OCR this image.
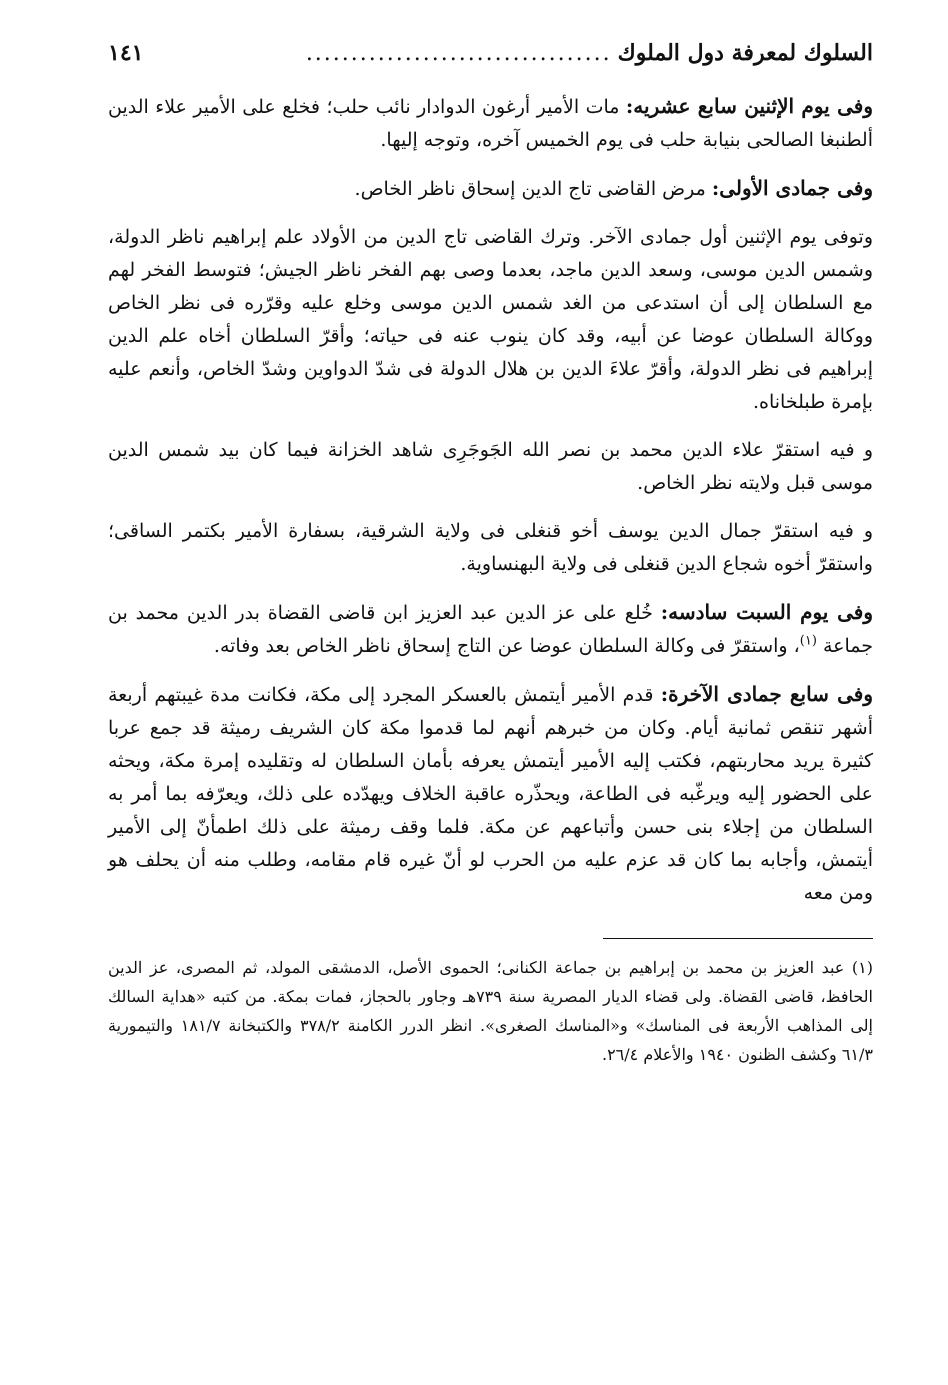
السلوك لمعرفة دول الملوك
..................................
١٤١

وفى يوم الإثنين سابع عشريه: مات الأمير أرغون الدوادار نائب حلب؛ فخلع على الأمير علاء الدين ألطنبغا الصالحى بنيابة حلب فى يوم الخميس آخره، وتوجه إليها.

وفى جمادى الأولى: مرض القاضى تاج الدين إسحاق ناظر الخاص.

وتوفى يوم الإثنين أول جمادى الآخر. وترك القاضى تاج الدين من الأولاد علم إبراهيم ناظر الدولة، وشمس الدين موسى، وسعد الدين ماجد، بعدما وصى بهم الفخر ناظر الجيش؛ فتوسط الفخر لهم مع السلطان إلى أن استدعى من الغد شمس الدين موسى وخلع عليه وقرّره فى نظر الخاص ووكالة السلطان عوضا عن أبيه، وقد كان ينوب عنه فى حياته؛ وأقرّ السلطان أخاه علم الدين إبراهيم فى نظر الدولة، وأقرّ علاءَ الدين بن هلال الدولة فى شدّ الدواوين وشدّ الخاص، وأنعم عليه بإمرة طبلخاناه.

و فيه استقرّ علاء الدين محمد بن نصر الله الجَوجَرِى شاهد الخزانة فيما كان بيد شمس الدين موسى قبل ولايته نظر الخاص.

و فيه استقرّ جمال الدين يوسف أخو قنغلى فى ولاية الشرقية، بسفارة الأمير بكتمر الساقى؛ واستقرّ أخوه شجاع الدين قنغلى فى ولاية البهنساوية.

وفى يوم السبت سادسه: خُلع على عز الدين عبد العزيز ابن قاضى القضاة بدر الدين محمد بن جماعة $^{(١)}$، واستقرّ فى وكالة السلطان عوضا عن التاج إسحاق ناظر الخاص بعد وفاته.

وفى سابع جمادى الآخرة: قدم الأمير أيتمش بالعسكر المجرد إلى مكة، فكانت مدة غيبتهم أربعة أشهر تنقص ثمانية أيام. وكان من خبرهم أنهم لما قدموا مكة كان الشريف رميثة قد جمع عربا كثيرة يريد محاربتهم، فكتب إليه الأمير أيتمش يعرفه بأمان السلطان له وتقليده إمرة مكة، ويحثه على الحضور إليه ويرغّبه فى الطاعة، ويحذّره عاقبة الخلاف ويهدّده على ذلك، ويعرّفه بما أمر به السلطان من إجلاء بنى حسن وأتباعهم عن مكة. فلما وقف رميثة على ذلك اطمأنّ إلى الأمير أيتمش، وأجابه بما كان قد عزم عليه من الحرب لو أنّ غيره قام مقامه، وطلب منه أن يحلف هو ومن معه

(١) عبد العزيز بن محمد بن إبراهيم بن جماعة الكنانى؛ الحموى الأصل، الدمشقى المولد، ثم المصرى، عز الدين الحافظ، قاضى القضاة. ولى قضاء الديار المصرية سنة ٧٣٩هـ وجاور بالحجاز، فمات بمكة. من كتبه «هداية السالك إلى المذاهب الأربعة فى المناسك» و«المناسك الصغرى». انظر الدرر الكامنة ٣٧٨/٢ والكتبخانة ١٨١/٧ والتيمورية ٦١/٣ وكشف الظنون ١٩٤٠ والأعلام ٢٦/٤.
